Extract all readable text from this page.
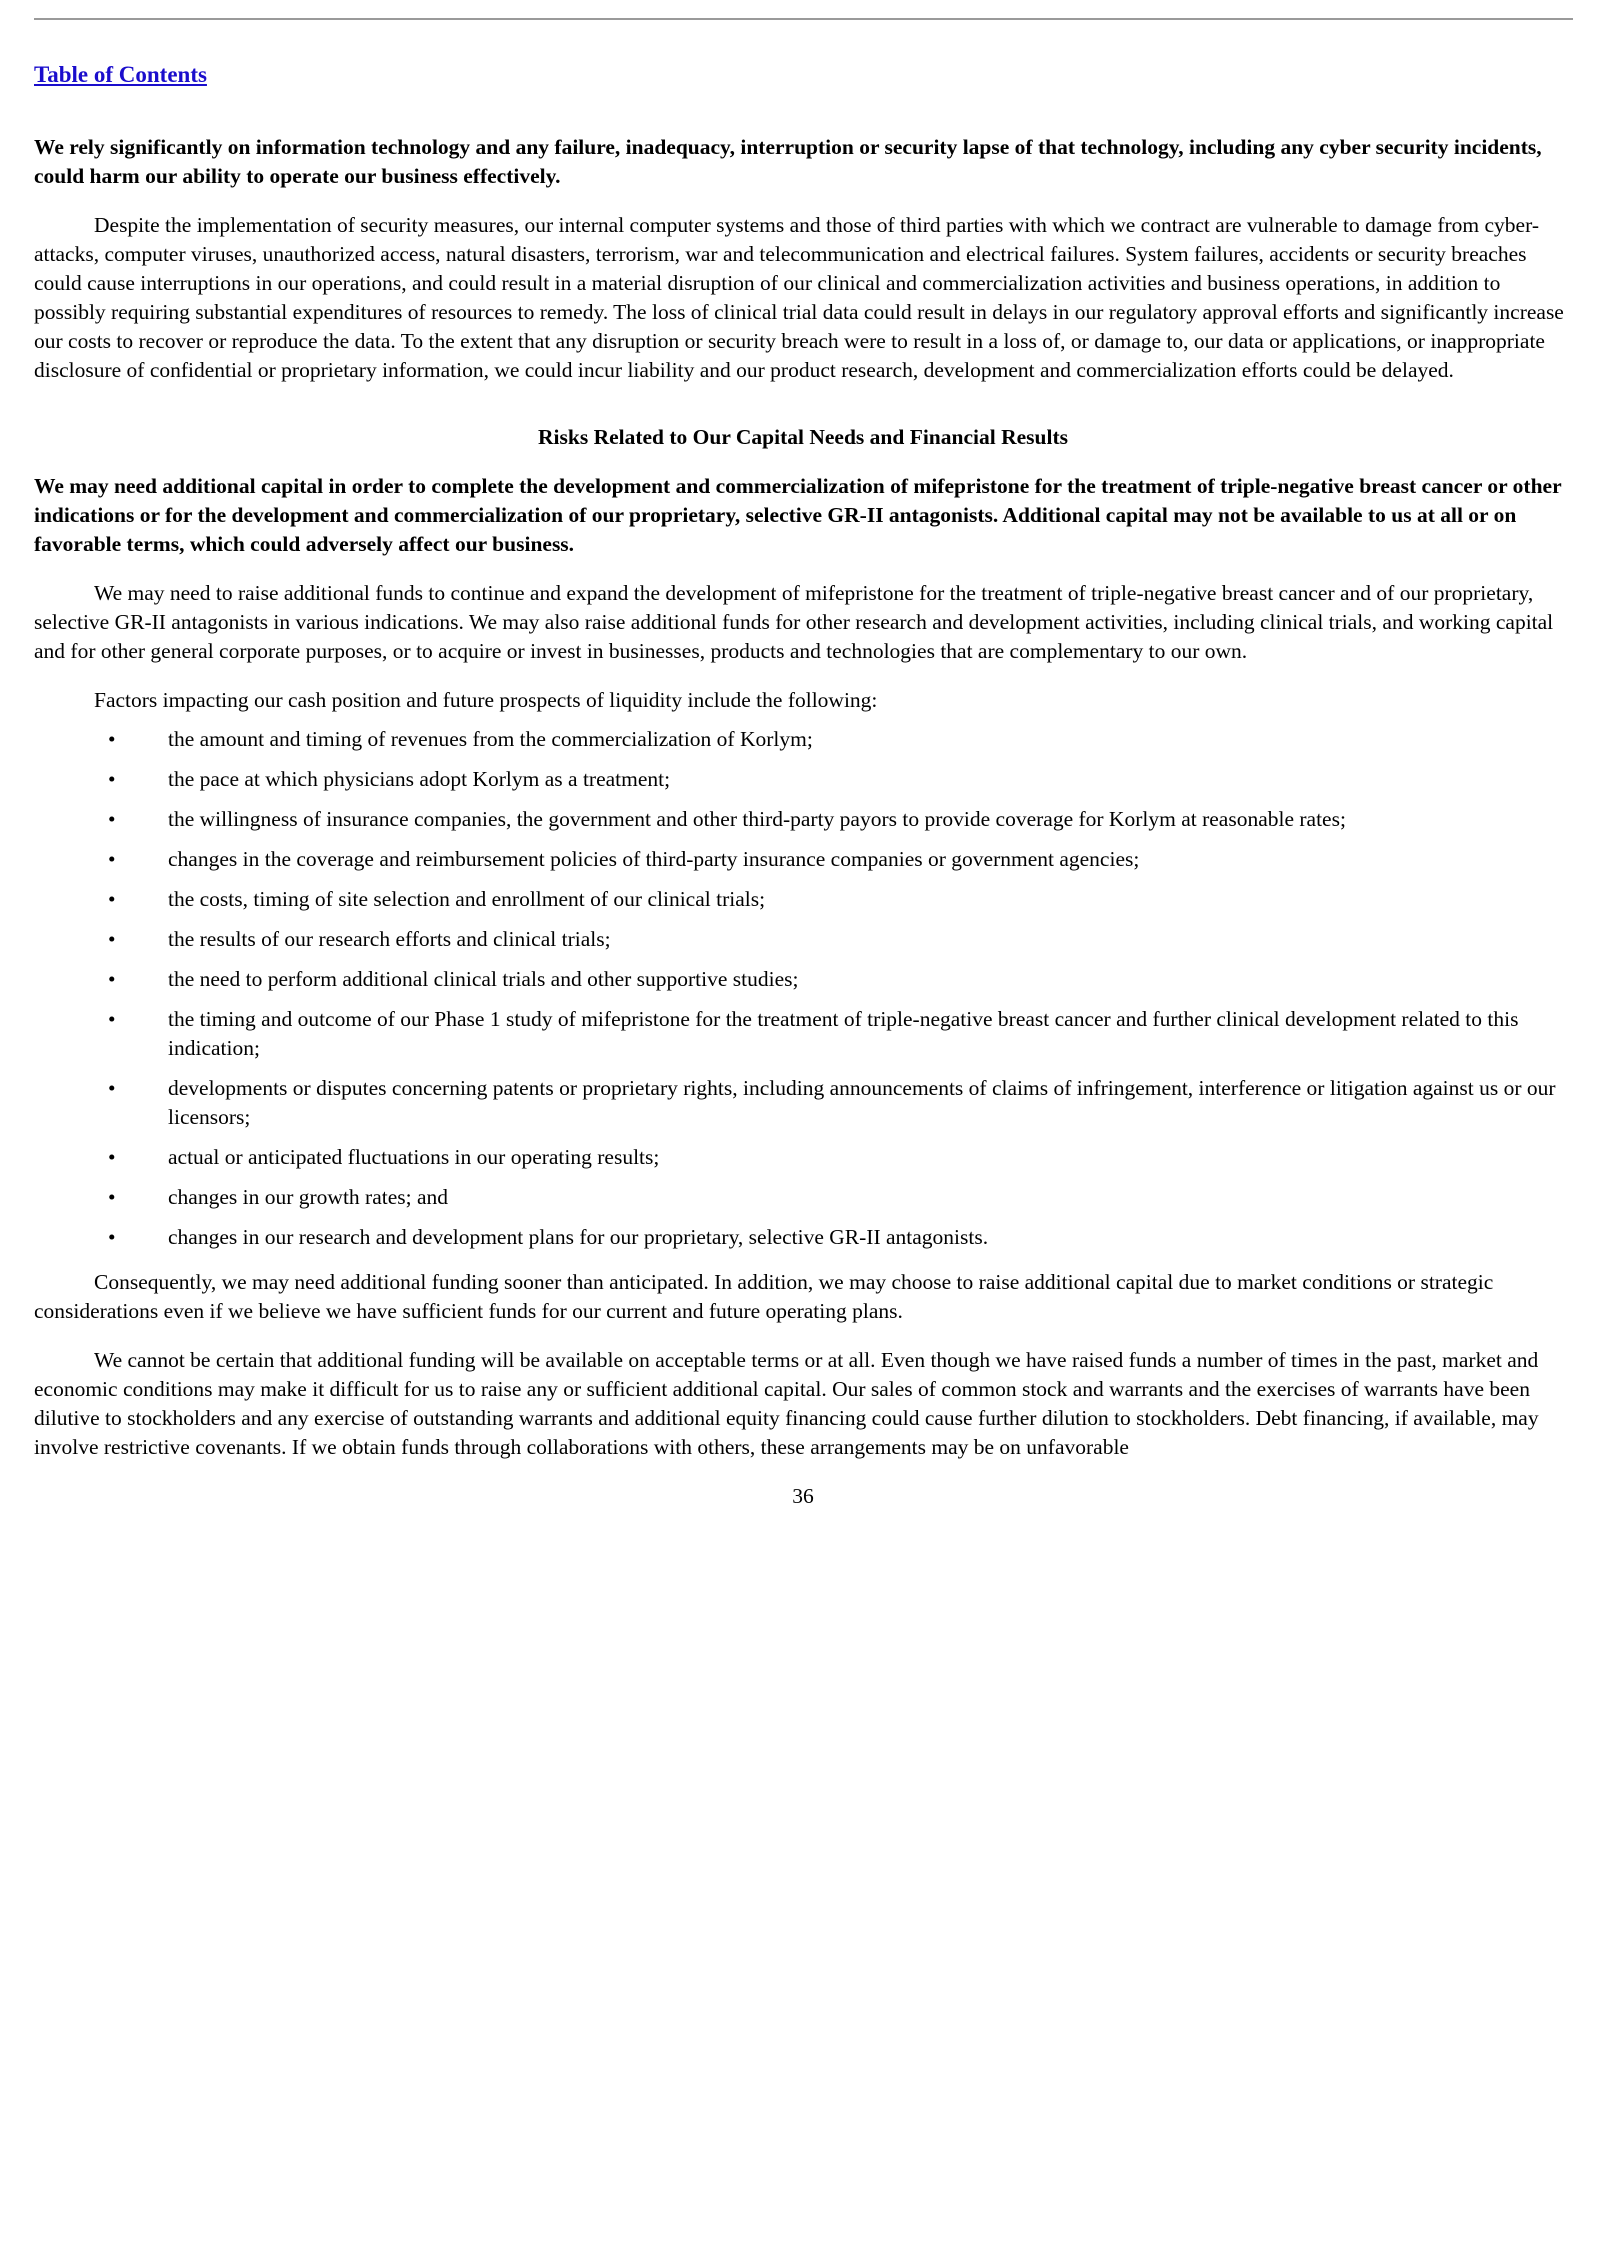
Table of Contents

We rely significantly on information technology and any failure, inadequacy, interruption or security lapse of that technology, including any cyber security incidents, could harm our ability to operate our business effectively.

Despite the implementation of security measures, our internal computer systems and those of third parties with which we contract are vulnerable to damage from cyber-attacks, computer viruses, unauthorized access, natural disasters, terrorism, war and telecommunication and electrical failures. System failures, accidents or security breaches could cause interruptions in our operations, and could result in a material disruption of our clinical and commercialization activities and business operations, in addition to possibly requiring substantial expenditures of resources to remedy. The loss of clinical trial data could result in delays in our regulatory approval efforts and significantly increase our costs to recover or reproduce the data. To the extent that any disruption or security breach were to result in a loss of, or damage to, our data or applications, or inappropriate disclosure of confidential or proprietary information, we could incur liability and our product research, development and commercialization efforts could be delayed.

Risks Related to Our Capital Needs and Financial Results

We may need additional capital in order to complete the development and commercialization of mifepristone for the treatment of triple-negative breast cancer or other indications or for the development and commercialization of our proprietary, selective GR-II antagonists. Additional capital may not be available to us at all or on favorable terms, which could adversely affect our business.

We may need to raise additional funds to continue and expand the development of mifepristone for the treatment of triple-negative breast cancer and of our proprietary, selective GR-II antagonists in various indications. We may also raise additional funds for other research and development activities, including clinical trials, and working capital and for other general corporate purposes, or to acquire or invest in businesses, products and technologies that are complementary to our own.

Factors impacting our cash position and future prospects of liquidity include the following:

•	the amount and timing of revenues from the commercialization of Korlym;
•	the pace at which physicians adopt Korlym as a treatment;
•	the willingness of insurance companies, the government and other third-party payors to provide coverage for Korlym at reasonable rates;
•	changes in the coverage and reimbursement policies of third-party insurance companies or government agencies;
•	the costs, timing of site selection and enrollment of our clinical trials;
•	the results of our research efforts and clinical trials;
•	the need to perform additional clinical trials and other supportive studies;
•	the timing and outcome of our Phase 1 study of mifepristone for the treatment of triple-negative breast cancer and further clinical development related to this indication;
•	developments or disputes concerning patents or proprietary rights, including announcements of claims of infringement, interference or litigation against us or our licensors;
•	actual or anticipated fluctuations in our operating results;
•	changes in our growth rates; and
•	changes in our research and development plans for our proprietary, selective GR-II antagonists.

Consequently, we may need additional funding sooner than anticipated. In addition, we may choose to raise additional capital due to market conditions or strategic considerations even if we believe we have sufficient funds for our current and future operating plans.

We cannot be certain that additional funding will be available on acceptable terms or at all. Even though we have raised funds a number of times in the past, market and economic conditions may make it difficult for us to raise any or sufficient additional capital. Our sales of common stock and warrants and the exercises of warrants have been dilutive to stockholders and any exercise of outstanding warrants and additional equity financing could cause further dilution to stockholders. Debt financing, if available, may involve restrictive covenants. If we obtain funds through collaborations with others, these arrangements may be on unfavorable

36
